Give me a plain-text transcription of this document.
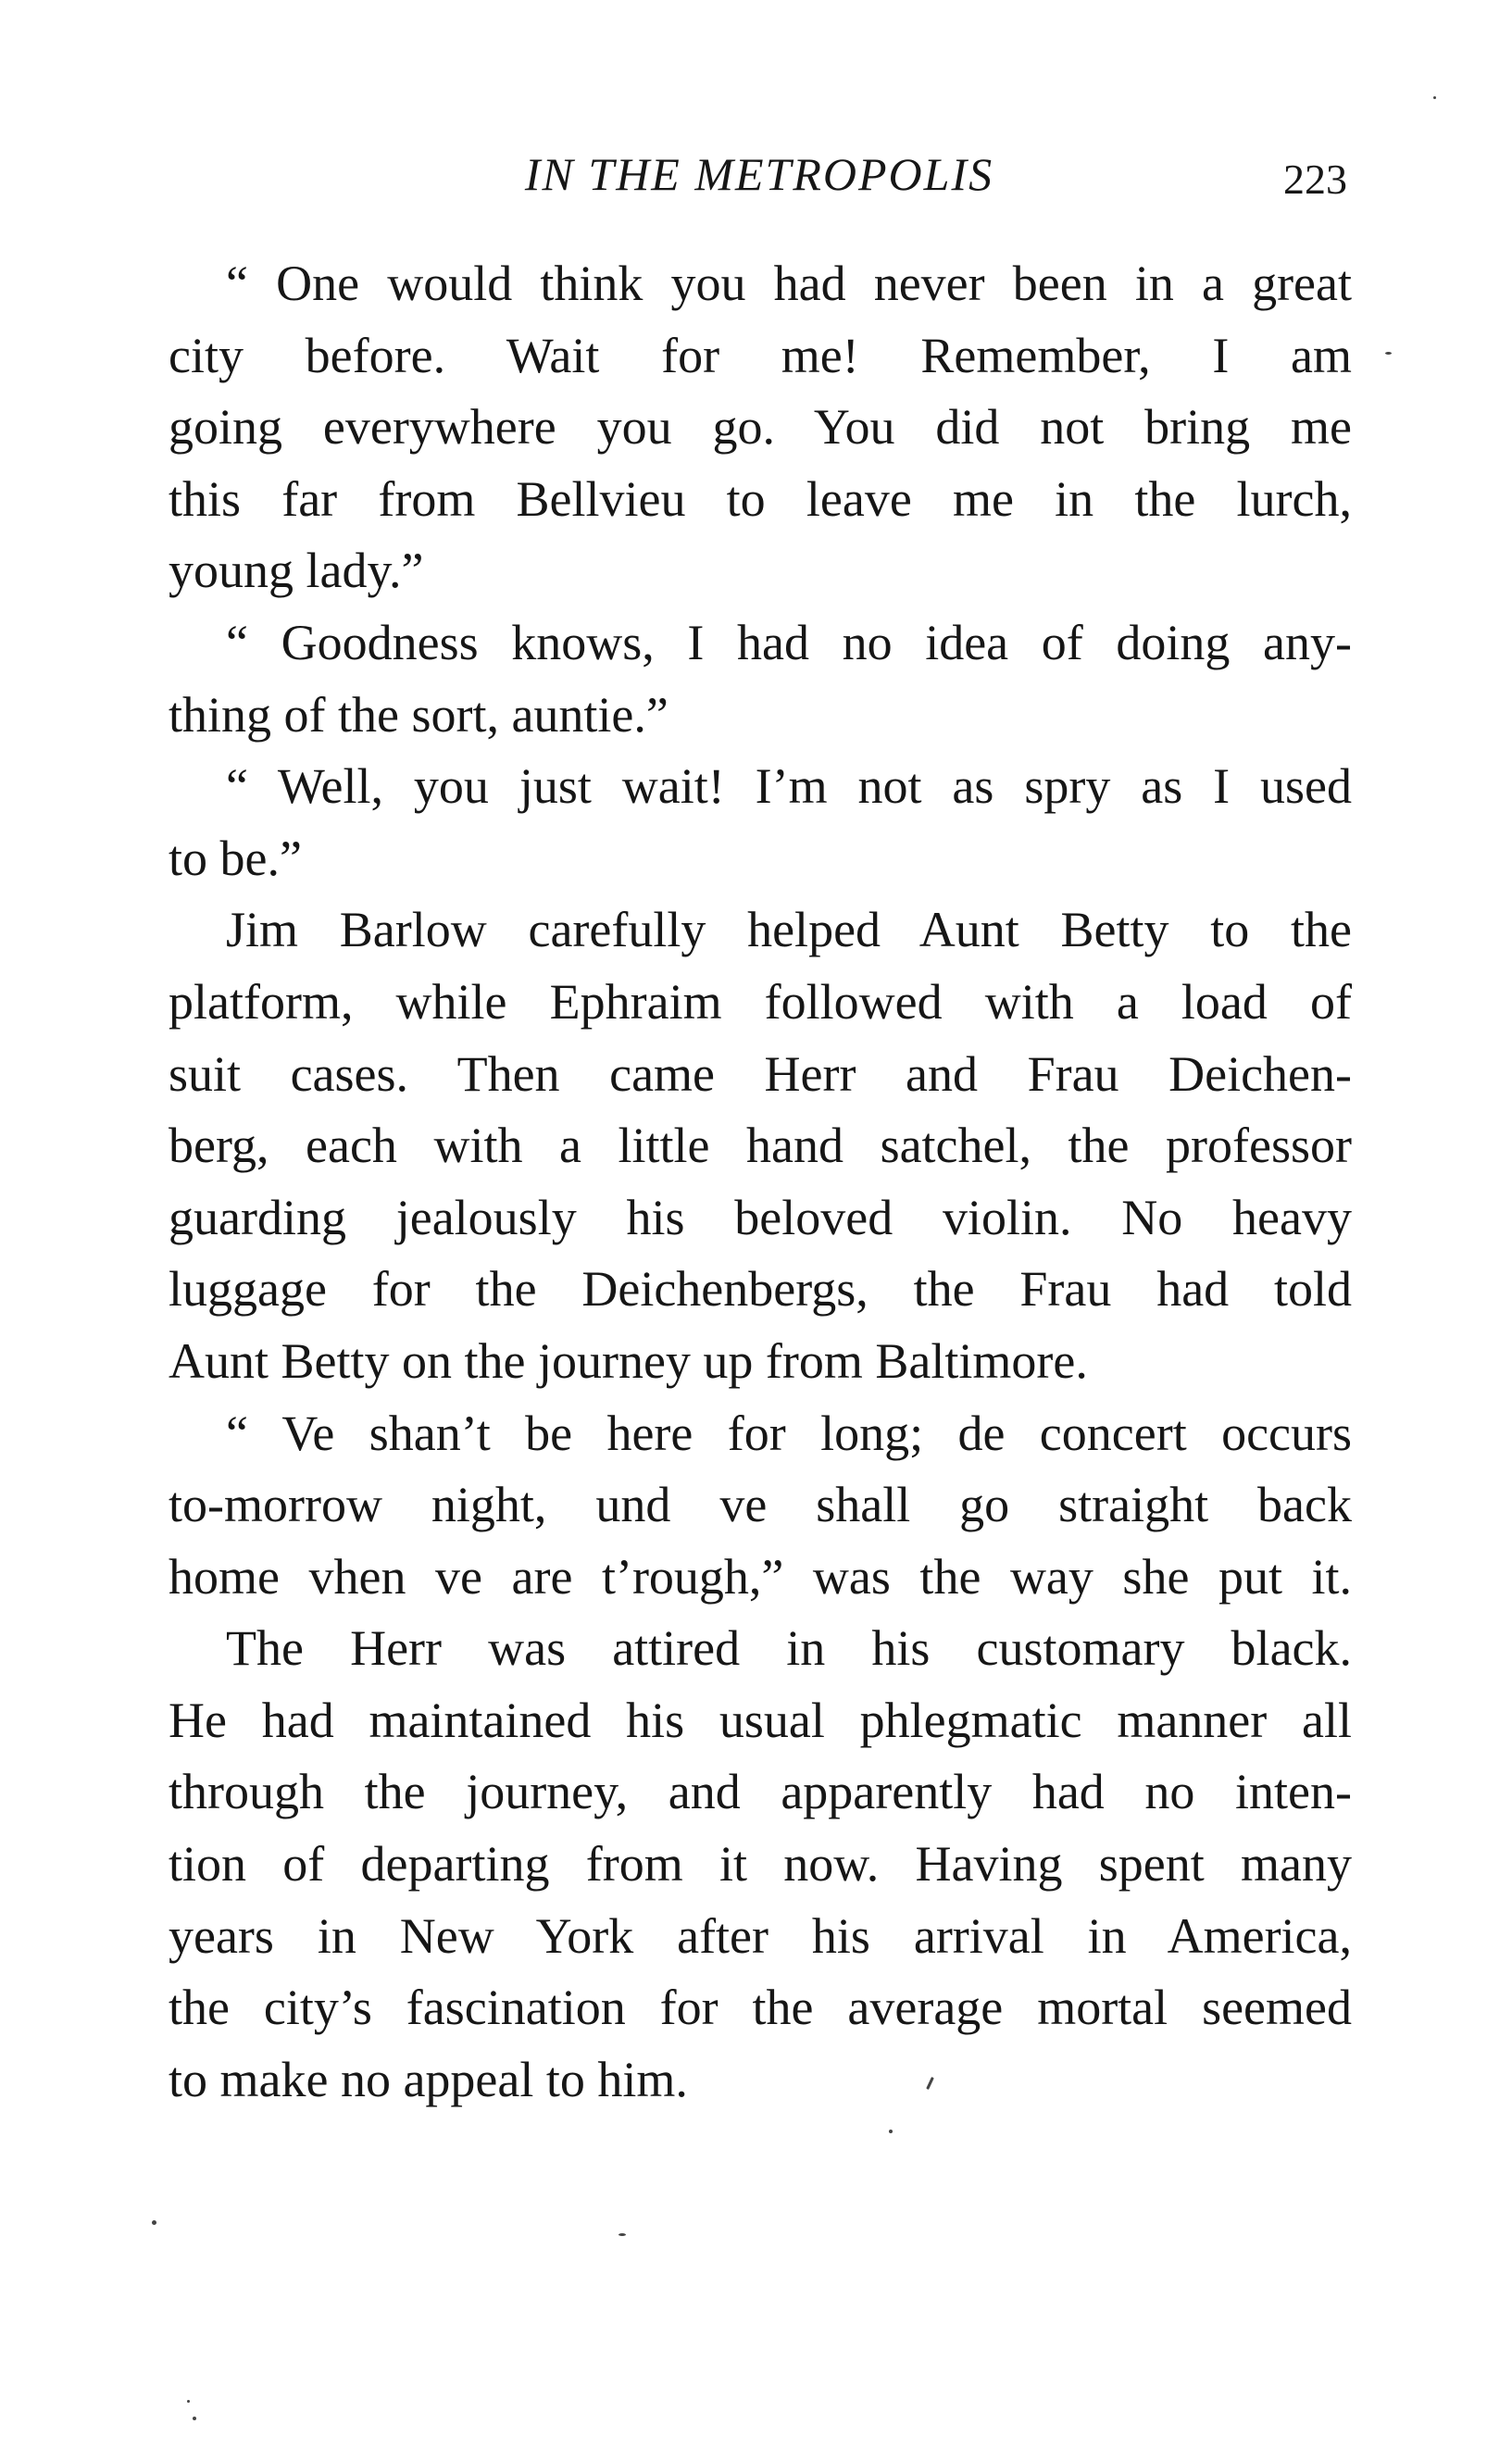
IN THE METROPOLIS	223
“ One would think you had never been in a great
city before. Wait for me! Remember, I am
going everywhere you go. You did not bring me
this far from Bellvieu to leave me in the lurch,
young lady.”
“ Goodness knows, I had no idea of doing any-
thing of the sort, auntie.”
“ Well, you just wait! I’m not as spry as I used
to be.”
Jim Barlow carefully helped Aunt Betty to the
platform, while Ephraim followed with a load of
suit cases. Then came Herr and Frau Deichen-
berg, each with a little hand satchel, the professor
guarding jealously his beloved violin. No heavy
luggage for the Deichenbergs, the Frau had told
Aunt Betty on the journey up from Baltimore.
“ Ve shan’t be here for long; de concert occurs
to-morrow night, und ve shall go straight back
home vhen ve are t’rough,” was the way she put it.
The Herr was attired in his customary black.
He had maintained his usual phlegmatic manner all
through the journey, and apparently had no inten-
tion of departing from it now. Having spent many
years in New York after his arrival in America,
the city’s fascination for the average mortal seemed
to make no appeal to him.
